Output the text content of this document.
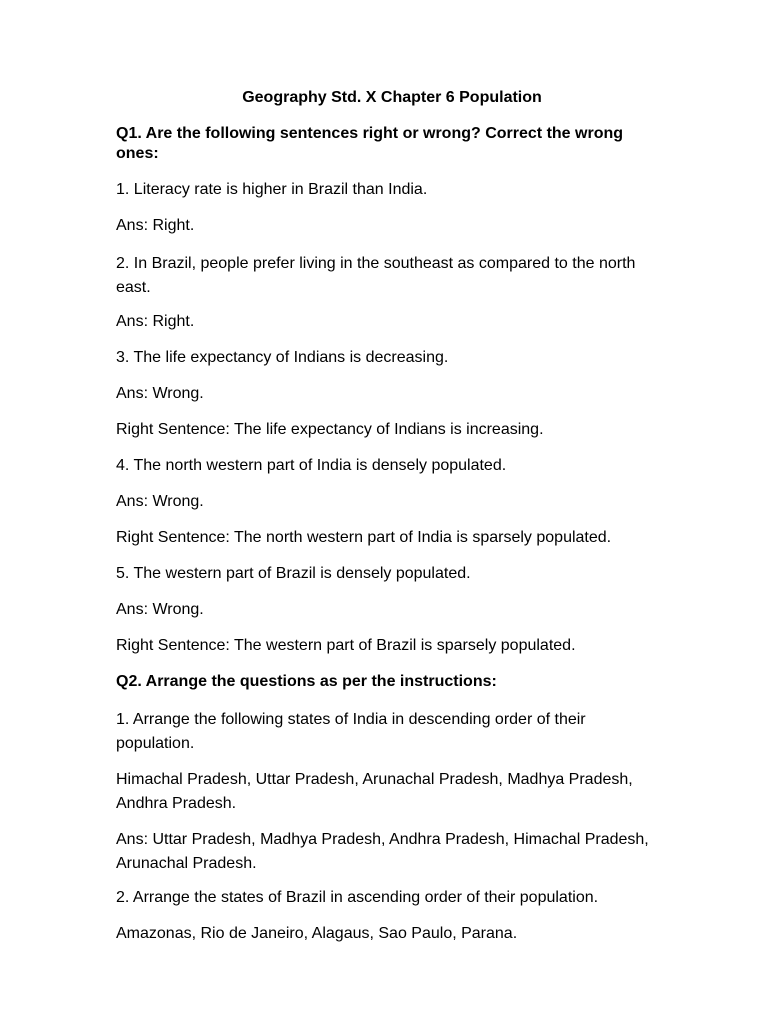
Geography Std. X Chapter 6 Population
Q1. Are the following sentences right or wrong? Correct the wrong ones:
1. Literacy rate is higher in Brazil than India.
Ans: Right.
2. In Brazil, people prefer living in the southeast as compared to the north east.
Ans: Right.
3. The life expectancy of Indians is decreasing.
Ans: Wrong.
Right Sentence: The life expectancy of Indians is increasing.
4. The north western part of India is densely populated.
Ans: Wrong.
Right Sentence: The north western part of India is sparsely populated.
5. The western part of Brazil is densely populated.
Ans: Wrong.
Right Sentence: The western part of Brazil is sparsely populated.
Q2. Arrange the questions as per the instructions:
1. Arrange the following states of India in descending order of their population.
Himachal Pradesh, Uttar Pradesh, Arunachal Pradesh, Madhya Pradesh, Andhra Pradesh.
Ans: Uttar Pradesh, Madhya Pradesh, Andhra Pradesh, Himachal Pradesh, Arunachal Pradesh.
2. Arrange the states of Brazil in ascending order of their population.
Amazonas, Rio de Janeiro, Alagaus, Sao Paulo, Parana.
